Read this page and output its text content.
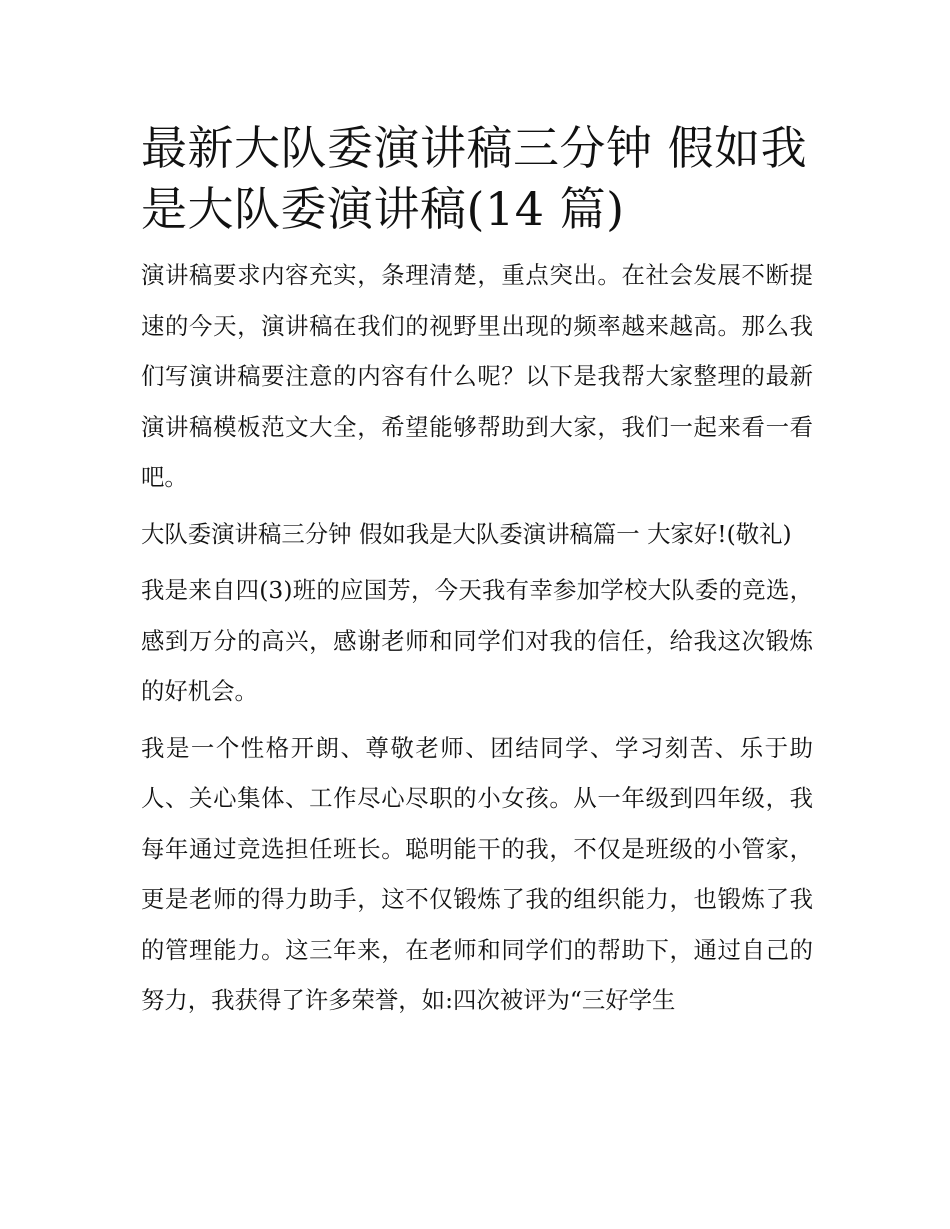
最新大队委演讲稿三分钟 假如我是大队委演讲稿(14 篇)

演讲稿要求内容充实，条理清楚，重点突出。在社会发展不断提速的今天，演讲稿在我们的视野里出现的频率越来越高。那么我们写演讲稿要注意的内容有什么呢？以下是我帮大家整理的最新演讲稿模板范文大全，希望能够帮助到大家，我们一起来看一看吧。

大队委演讲稿三分钟 假如我是大队委演讲稿篇一 大家好!(敬礼)

我是来自四(3)班的应国芳，今天我有幸参加学校大队委的竞选，感到万分的高兴，感谢老师和同学们对我的信任，给我这次锻炼的好机会。

我是一个性格开朗、尊敬老师、团结同学、学习刻苦、乐于助人、关心集体、工作尽心尽职的小女孩。从一年级到四年级，我每年通过竞选担任班长。聪明能干的我，不仅是班级的小管家，更是老师的得力助手，这不仅锻炼了我的组织能力，也锻炼了我的管理能力。这三年来，在老师和同学们的帮助下，通过自己的努力，我获得了许多荣誉，如:四次被评为“三好学生
